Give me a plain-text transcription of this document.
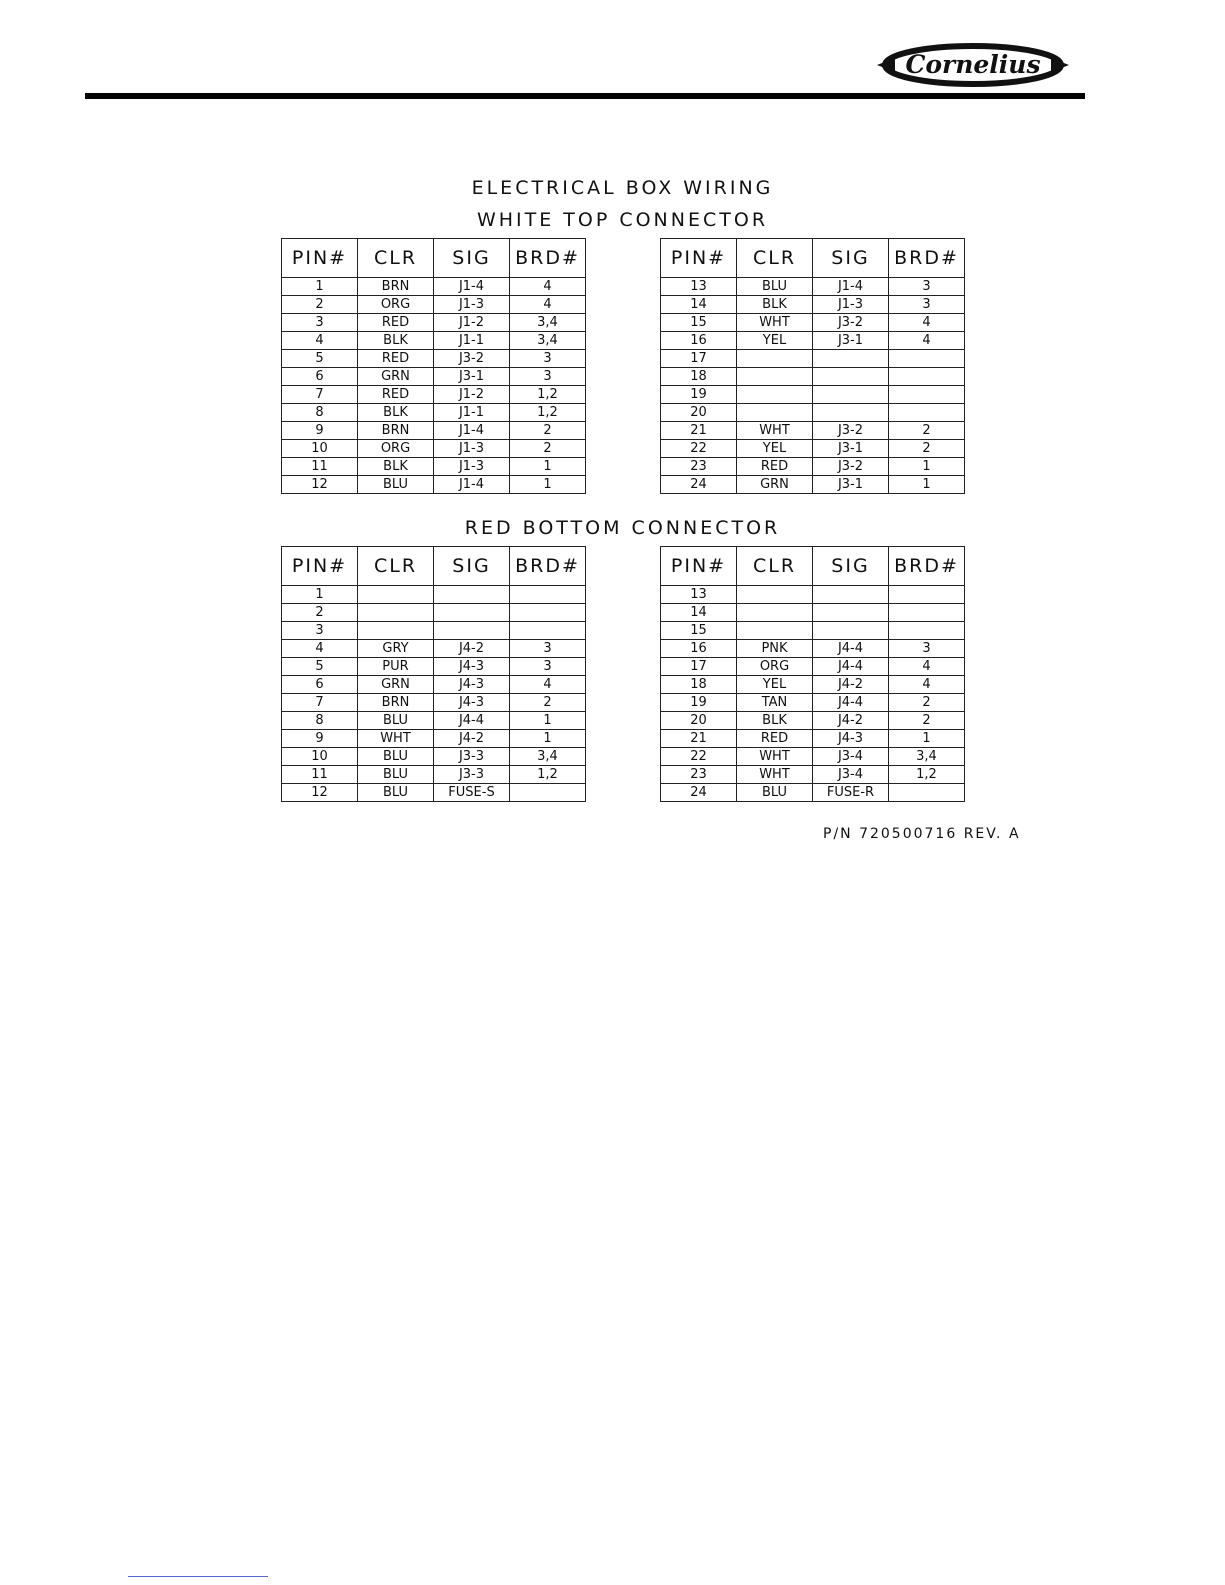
Cornelius
ELECTRICAL BOX WIRING
WHITE TOP CONNECTOR
PIN#	CLR	SIG	BRD#
1	BRN	J1-4	4
2	ORG	J1-3	4
3	RED	J1-2	3,4
4	BLK	J1-1	3,4
5	RED	J3-2	3
6	GRN	J3-1	3
7	RED	J1-2	1,2
8	BLK	J1-1	1,2
9	BRN	J1-4	2
10	ORG	J1-3	2
11	BLK	J1-3	1
12	BLU	J1-4	1
PIN#	CLR	SIG	BRD#
13	BLU	J1-4	3
14	BLK	J1-3	3
15	WHT	J3-2	4
16	YEL	J3-1	4
17			
18			
19			
20			
21	WHT	J3-2	2
22	YEL	J3-1	2
23	RED	J3-2	1
24	GRN	J3-1	1
RED BOTTOM CONNECTOR
PIN#	CLR	SIG	BRD#
1			
2			
3			
4	GRY	J4-2	3
5	PUR	J4-3	3
6	GRN	J4-3	4
7	BRN	J4-3	2
8	BLU	J4-4	1
9	WHT	J4-2	1
10	BLU	J3-3	3,4
11	BLU	J3-3	1,2
12	BLU	FUSE-S	
PIN#	CLR	SIG	BRD#
13			
14			
15			
16	PNK	J4-4	3
17	ORG	J4-4	4
18	YEL	J4-2	4
19	TAN	J4-4	2
20	BLK	J4-2	2
21	RED	J4-3	1
22	WHT	J3-4	3,4
23	WHT	J3-4	1,2
24	BLU	FUSE-R	
P/N 720500716 REV. A
